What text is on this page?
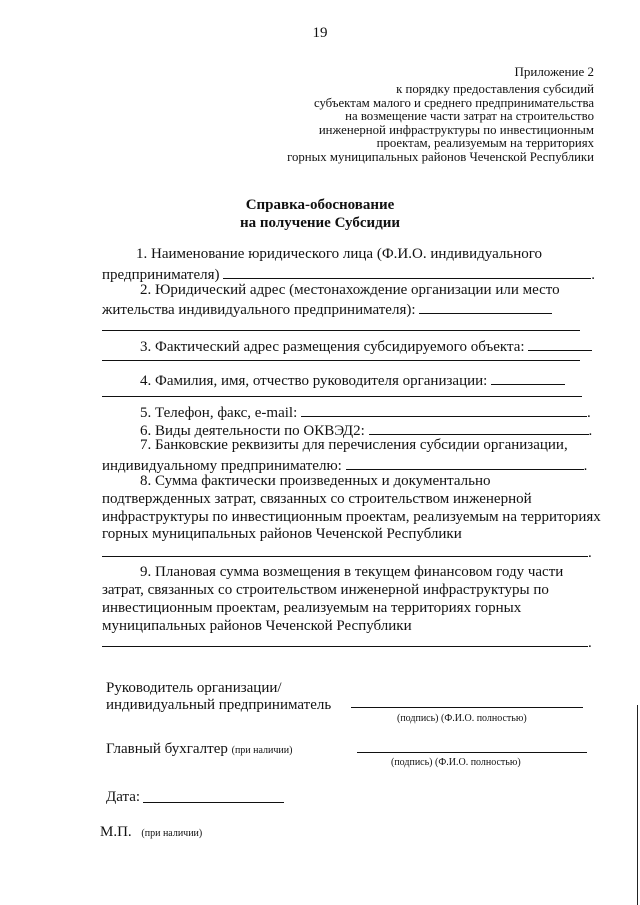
19
Приложение 2
к порядку предоставления субсидий
субъектам малого и среднего предпринимательства
на возмещение части затрат на строительство
инженерной инфраструктуры по инвестиционным
проектам, реализуемым на территориях
горных муниципальных районов Чеченской Республики
Справка-обоснование
на получение Субсидии
1. Наименование юридического лица (Ф.И.О. индивидуального
предпринимателя)	.
2. Юридический адрес (местонахождение организации или место
жительства индивидуального предпринимателя):
3. Фактический адрес размещения субсидируемого объекта:
4. Фамилия, имя, отчество руководителя организации:
5. Телефон, факс, e-mail:	.
6. Виды деятельности по ОКВЭД2:	.
7. Банковские реквизиты для перечисления субсидии организации,
индивидуальному предпринимателю:	.
8. Сумма фактически произведенных и документально
подтвержденных затрат, связанных со строительством инженерной
инфраструктуры по инвестиционным проектам, реализуемым на территориях
горных муниципальных районов Чеченской Республики
.
9. Плановая сумма возмещения в текущем финансовом году части
затрат, связанных со строительством инженерной инфраструктуры по
инвестиционным проектам, реализуемым на территориях горных
муниципальных районов Чеченской Республики
.
Руководитель организации/
индивидуальный предприниматель
(подпись) (Ф.И.О. полностью)
Главный бухгалтер (при наличии)
(подпись) (Ф.И.О. полностью)
Дата:
М.П. (при наличии)
